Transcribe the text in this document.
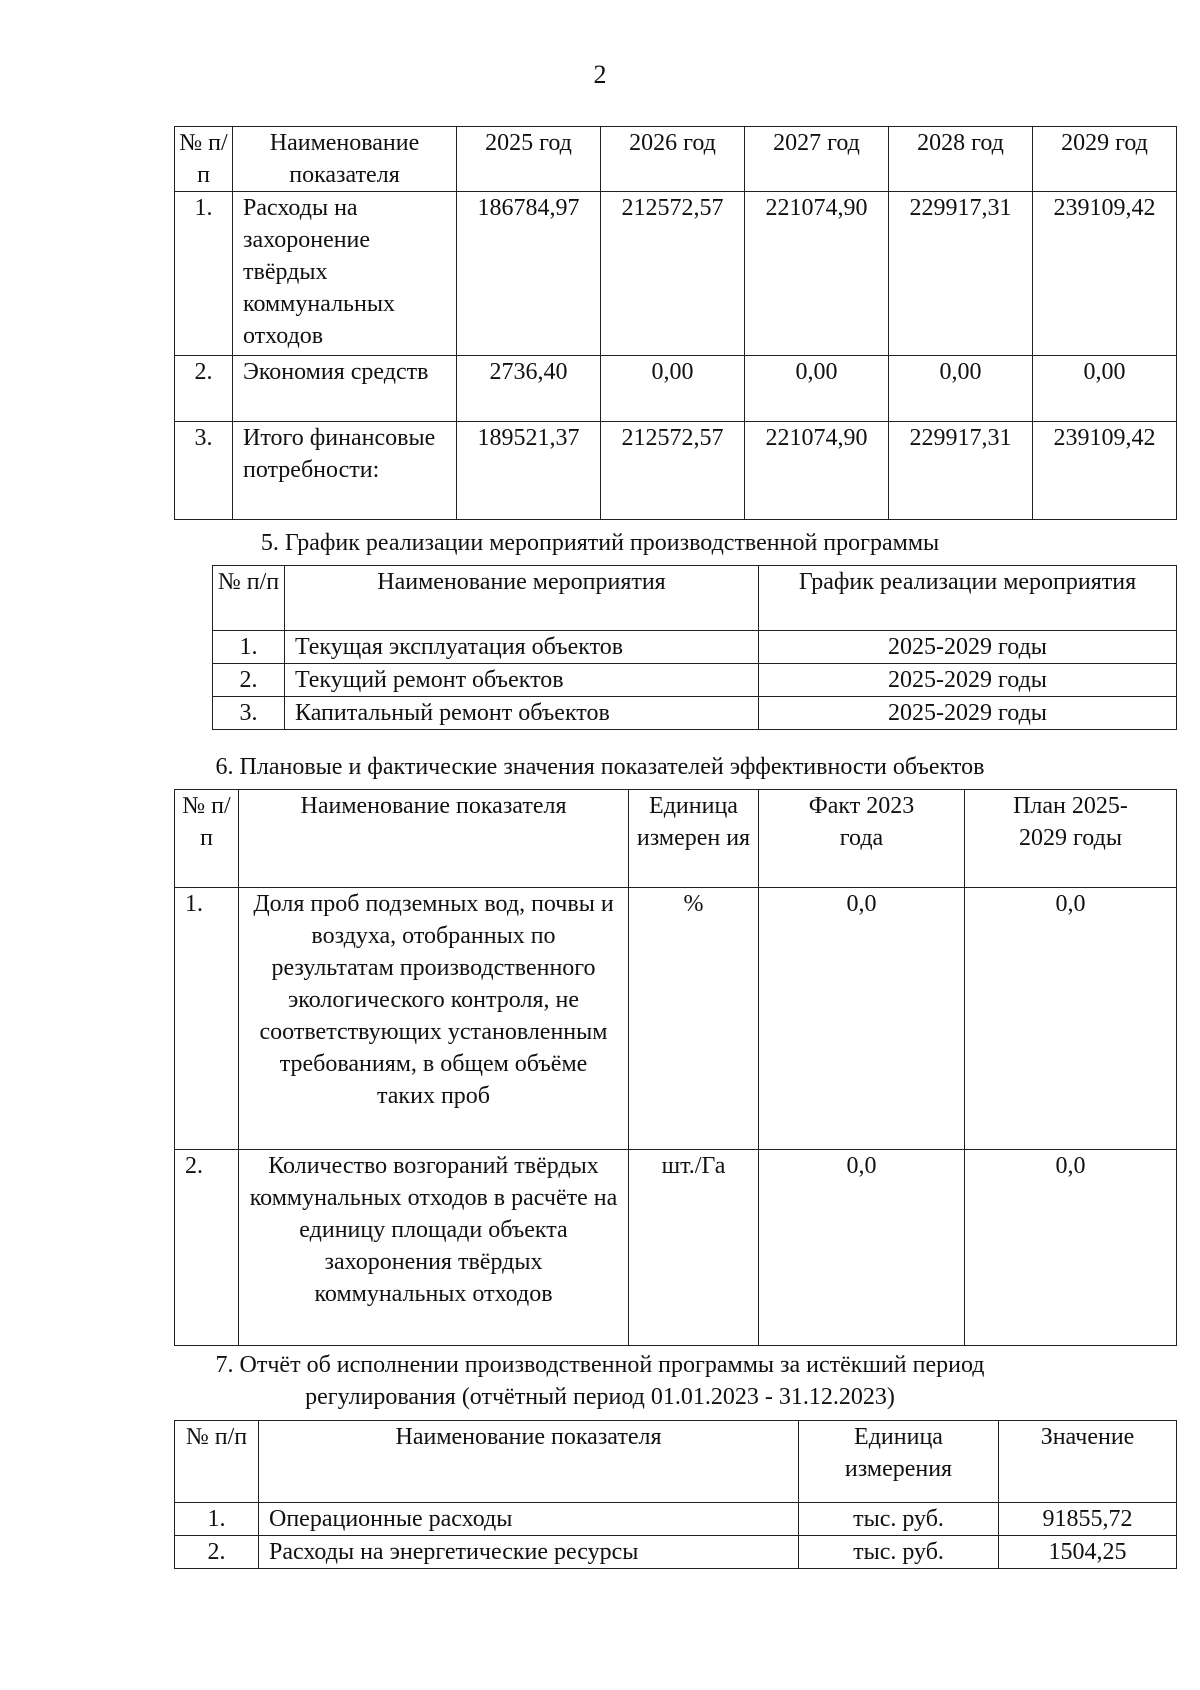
2
№ п/п	Наименование показателя	2025 год	2026 год	2027 год	2028 год	2029 год
1.	Расходы на захоронение твёрдых коммунальных отходов	186784,97	212572,57	221074,90	229917,31	239109,42
2.	Экономия средств	2736,40	0,00	0,00	0,00	0,00
3.	Итого финансовые потребности:	189521,37	212572,57	221074,90	229917,31	239109,42
5. График реализации мероприятий производственной программы
№ п/п	Наименование мероприятия	График реализации мероприятия
1.	Текущая эксплуатация объектов	2025-2029 годы
2.	Текущий ремонт объектов	2025-2029 годы
3.	Капитальный ремонт объектов	2025-2029 годы
6. Плановые и фактические значения показателей эффективности объектов
№ п/п	Наименование показателя	Единица измерен ия	Факт 2023 года	План 2025-2029 годы
1.	Доля проб подземных вод, почвы и воздуха, отобранных по результатам производственного экологического контроля, не соответствующих установленным требованиям, в общем объёме таких проб	%	0,0	0,0
2.	Количество возгораний твёрдых коммунальных отходов в расчёте на единицу площади объекта захоронения твёрдых коммунальных отходов	шт./Га	0,0	0,0
7. Отчёт об исполнении производственной программы за истёкший период
регулирования (отчётный период 01.01.2023 - 31.12.2023)
№ п/п	Наименование показателя	Единица измерения	Значение
1.	Операционные расходы	тыс. руб.	91855,72
2.	Расходы на энергетические ресурсы	тыс. руб.	1504,25
